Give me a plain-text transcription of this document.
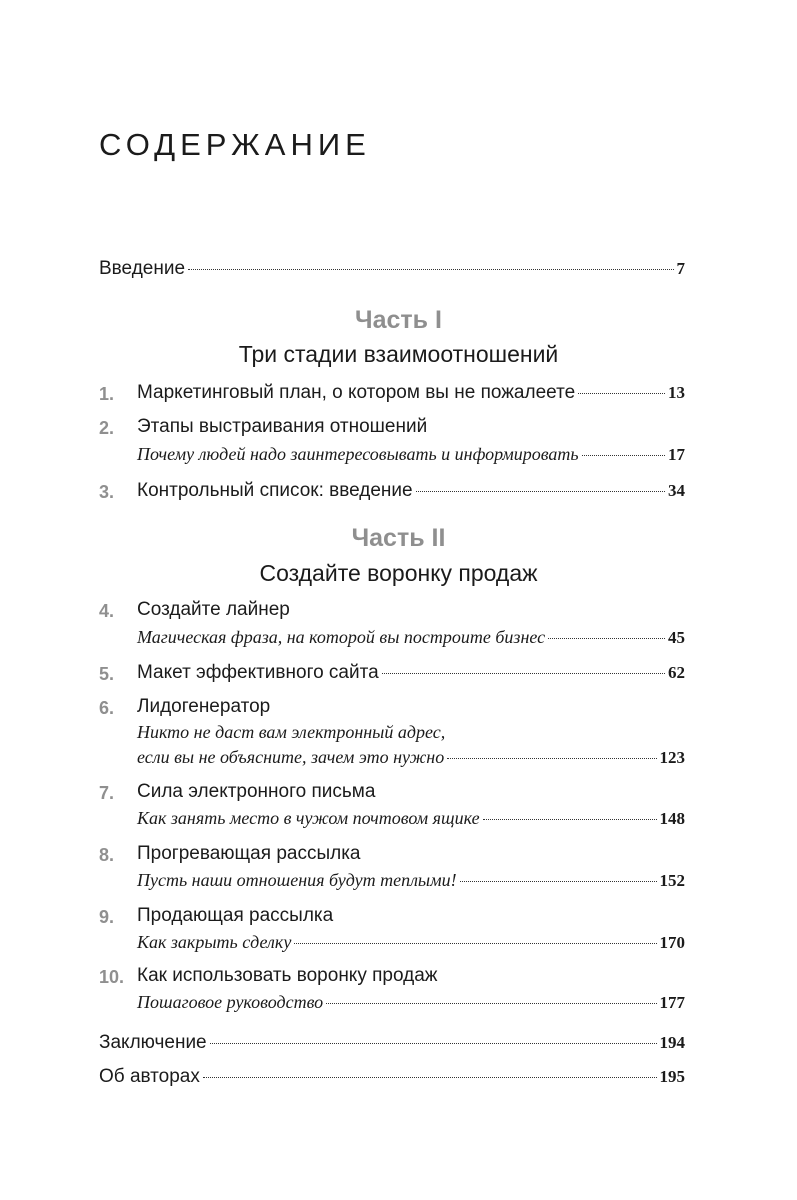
СОДЕРЖАНИЕ
Введение	7
Часть I
Три стадии взаимоотношений
1. Маркетинговый план, о котором вы не пожалеете	13
2. Этапы выстраивания отношений
Почему людей надо заинтересовывать и информировать	17
3. Контрольный список: введение	34
Часть II
Создайте воронку продаж
4. Создайте лайнер
Магическая фраза, на которой вы построите бизнес	45
5. Макет эффективного сайта	62
6. Лидогенератор
Никто не даст вам электронный адрес,
если вы не объясните, зачем это нужно	123
7. Сила электронного письма
Как занять место в чужом почтовом ящике	148
8. Прогревающая рассылка
Пусть наши отношения будут теплыми!	152
9. Продающая рассылка
Как закрыть сделку	170
10. Как использовать воронку продаж
Пошаговое руководство	177
Заключение	194
Об авторах	195
